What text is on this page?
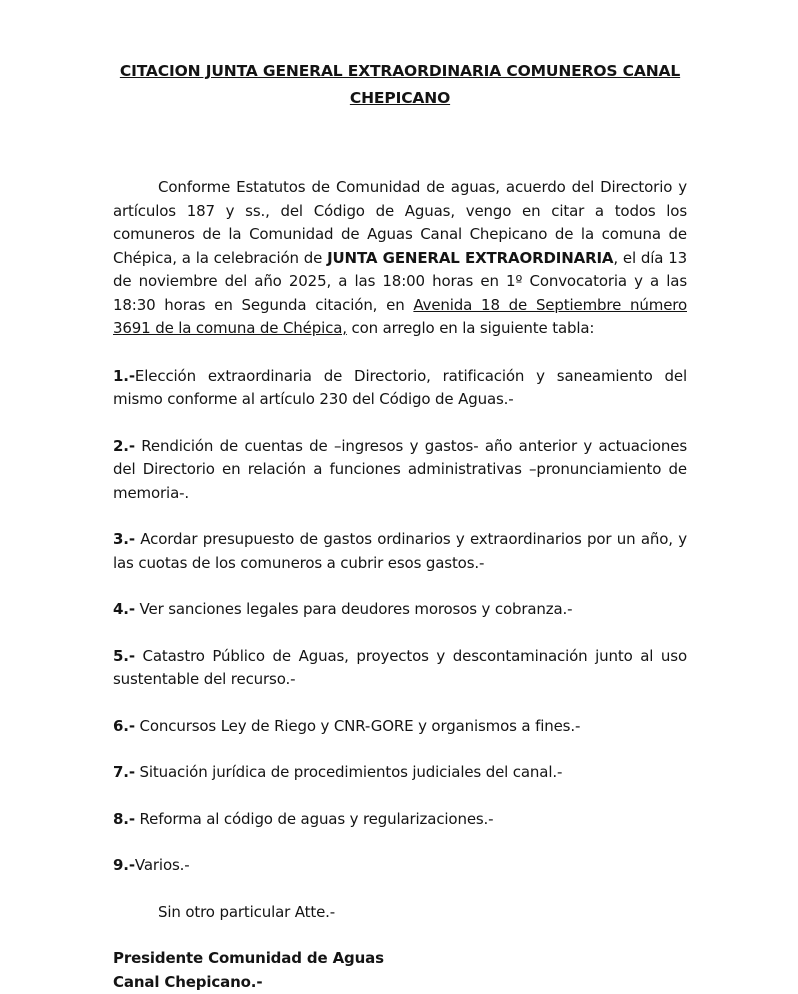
CITACION JUNTA GENERAL EXTRAORDINARIA COMUNEROS CANAL
CHEPICANO

Conforme Estatutos de Comunidad de aguas, acuerdo del Directorio y artículos 187 y ss., del Código de Aguas, vengo en citar a todos los comuneros de la Comunidad de Aguas Canal Chepicano de la comuna de Chépica, a la celebración de JUNTA GENERAL EXTRAORDINARIA, el día 13 de noviembre del año 2025, a las 18:00 horas en 1º Convocatoria y a las 18:30 horas en Segunda citación, en Avenida 18 de Septiembre número 3691 de la comuna de Chépica, con arreglo en la siguiente tabla:

1.-Elección extraordinaria de Directorio, ratificación y saneamiento del mismo conforme al artículo 230 del Código de Aguas.-

2.- Rendición de cuentas de –ingresos y gastos- año anterior y actuaciones del Directorio en relación a funciones administrativas –pronunciamiento de memoria-.

3.- Acordar presupuesto de gastos ordinarios y extraordinarios por un año, y las cuotas de los comuneros a cubrir esos gastos.-

4.- Ver sanciones legales para deudores morosos y cobranza.-

5.- Catastro Público de Aguas, proyectos y descontaminación junto al uso sustentable del recurso.-

6.- Concursos Ley de Riego y CNR-GORE y organismos a fines.-

7.- Situación jurídica de procedimientos judiciales del canal.-

8.- Reforma al código de aguas y regularizaciones.-

9.-Varios.-

Sin otro particular Atte.-

Presidente Comunidad de Aguas

Canal Chepicano.-
